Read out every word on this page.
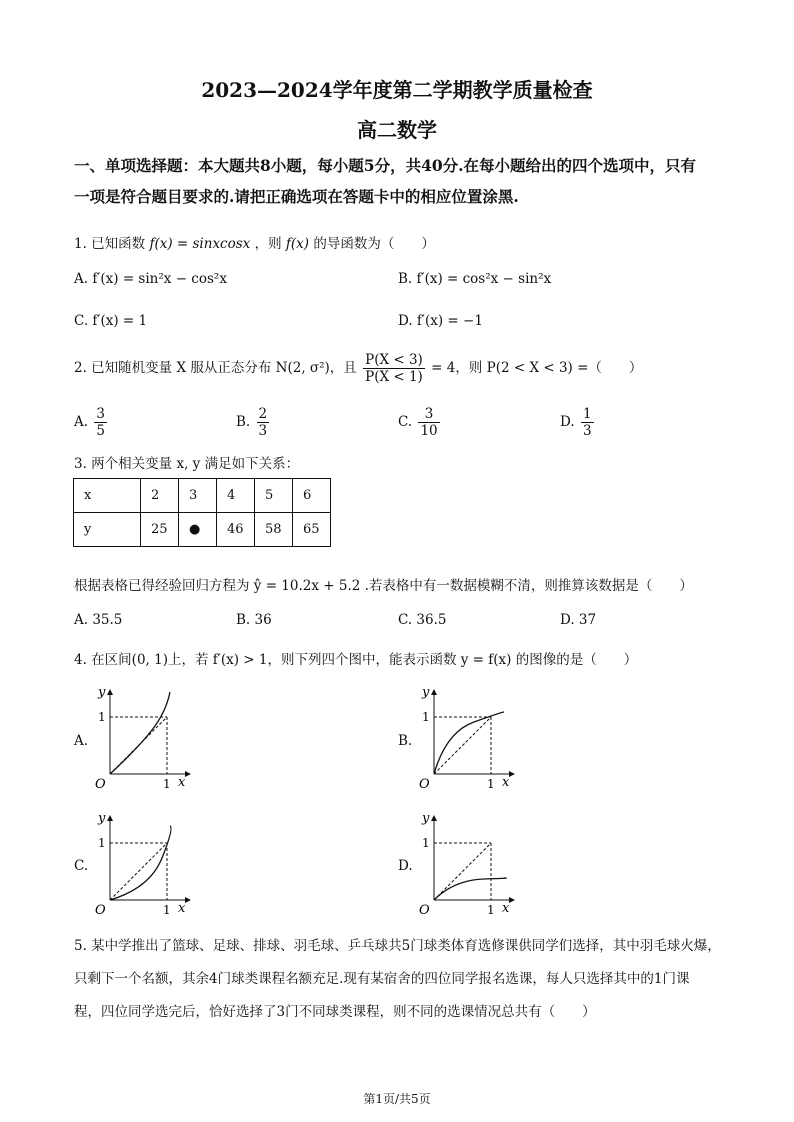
2023—2024学年度第二学期教学质量检查
高二数学
一、单项选择题：本大题共8小题，每小题5分，共40分.在每小题给出的四个选项中，只有
一项是符合题目要求的.请把正确选项在答题卡中的相应位置涂黑.
1. 已知函数 f(x) = sinxcosx ，则 f(x) 的导函数为（　　）
A. f′(x) = sin²x − cos²x	B. f′(x) = cos²x − sin²x
C. f′(x) = 1	D. f′(x) = −1
2. 已知随机变量 X 服从正态分布 N(2, σ²)，且 $\frac{P(X < 3)}{P(X < 1)} = 4$，则 P(2 < X < 3) =（　　）
A. $\frac{3}{5}$	B. $\frac{2}{3}$	C. $\frac{3}{10}$	D. $\frac{1}{3}$
3. 两个相关变量 x, y 满足如下关系：
x	2	3	4	5	6
y	25	●	46	58	65
根据表格已得经验回归方程为 ŷ = 10.2x + 5.2 .若表格中有一数据模糊不清，则推算该数据是（　　）
A. 35.5	B. 36	C. 36.5	D. 37
4. 在区间(0, 1)上，若 f′(x) > 1，则下列四个图中，能表示函数 y = f(x) 的图像的是（　　）
A.	B.
C.	D.
y
1
O	1 x
y
1
O	1 x
y
1
O	1 x
y
1
O	1 x
5. 某中学推出了篮球、足球、排球、羽毛球、乒乓球共5门球类体育选修课供同学们选择，其中羽毛球火爆，
只剩下一个名额，其余4门球类课程名额充足.现有某宿舍的四位同学报名选课，每人只选择其中的1门课
程，四位同学选完后，恰好选择了3门不同球类课程，则不同的选课情况总共有（　　）
第1页/共5页
